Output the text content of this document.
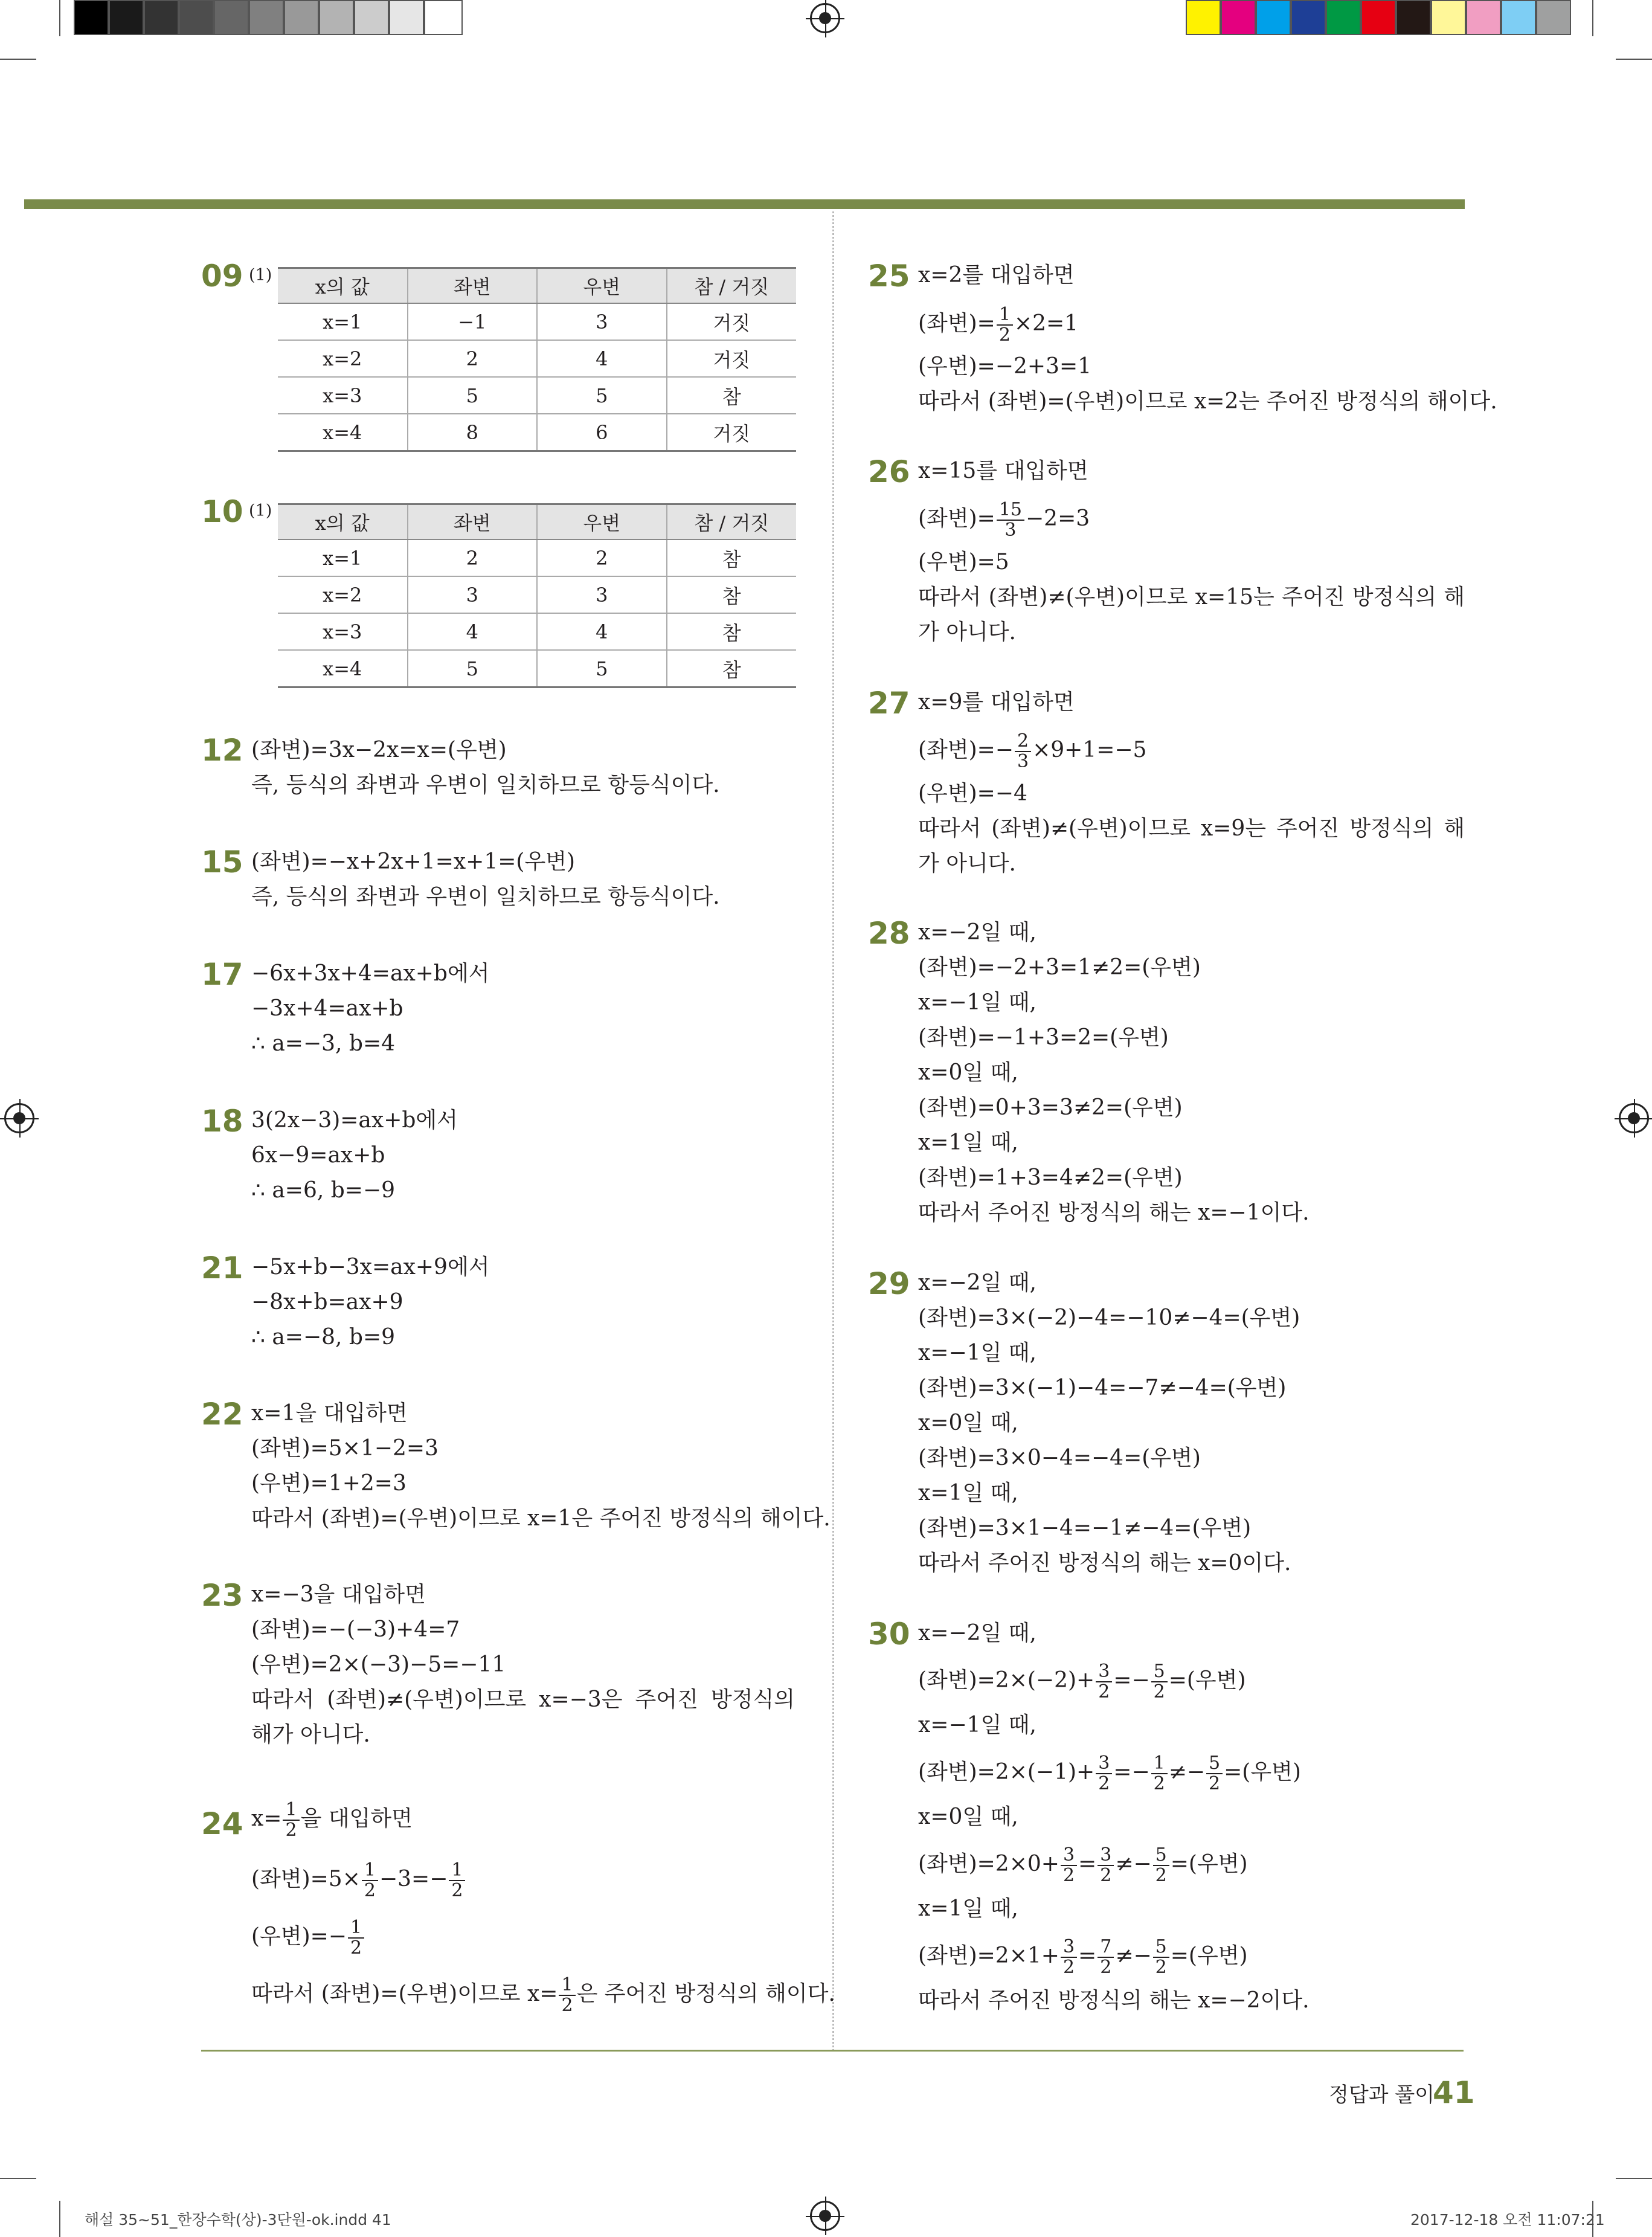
09 (1)
x의 값	좌변	우변	참 / 거짓
x=1	−1	3	거짓
x=2	2	4	거짓
x=3	5	5	참
x=4	8	6	거짓
10 (1)
x의 값	좌변	우변	참 / 거짓
x=1	2	2	참
x=2	3	3	참
x=3	4	4	참
x=4	5	5	참
12 (좌변)=3x−2x=x=(우변)
즉, 등식의 좌변과 우변이 일치하므로 항등식이다.
15 (좌변)=−x+2x+1=x+1=(우변)
즉, 등식의 좌변과 우변이 일치하므로 항등식이다.
17 −6x+3x+4=ax+b에서
−3x+4=ax+b
∴ a=−3, b=4
18 3(2x−3)=ax+b에서
6x−9=ax+b
∴ a=6, b=−9
21 −5x+b−3x=ax+9에서
−8x+b=ax+9
∴ a=−8, b=9
22 x=1을 대입하면
(좌변)=5×1−2=3
(우변)=1+2=3
따라서 (좌변)=(우변)이므로 x=1은 주어진 방정식의 해이다.
23 x=−3을 대입하면
(좌변)=−(−3)+4=7
(우변)=2×(−3)−5=−11
따라서 (좌변)≠(우변)이므로 x=−3은 주어진 방정식의 해가 아니다.
24 $x= \frac{1}{2}$ 을 대입하면
(좌변)$=5\times \frac{1}{2} -3=- \frac{1}{2}$
(우변)=− $\frac{1}{2}$
따라서 (좌변)=(우변)이므로 $x= \frac{1}{2}$ 은 주어진 방정식의 해이다.
25 x=2를 대입하면
(좌변)= $\frac{1}{2} \times 2=1$
(우변)=−2+3=1
따라서 (좌변)=(우변)이므로 x=2는 주어진 방정식의 해이다.
26 x=15를 대입하면
(좌변)= $\frac{15}{3} -2=3$
(우변)=5
따라서 (좌변)≠(우변)이므로 x=15는 주어진 방정식의 해가 아니다.
27 x=9를 대입하면
(좌변)=− $\frac{2}{3} \times 9+1=-5$
(우변)=−4
따라서 (좌변)≠(우변)이므로 x=9는 주어진 방정식의 해가 아니다.
28 x=−2일 때,
(좌변)=−2+3=1≠2=(우변)
x=−1일 때,
(좌변)=−1+3=2=(우변)
x=0일 때,
(좌변)=0+3=3≠2=(우변)
x=1일 때,
(좌변)=1+3=4≠2=(우변)
따라서 주어진 방정식의 해는 x=−1이다.
29 x=−2일 때,
(좌변)=3×(−2)−4=−10≠−4=(우변)
x=−1일 때,
(좌변)=3×(−1)−4=−7≠−4=(우변)
x=0일 때,
(좌변)=3×0−4=−4=(우변)
x=1일 때,
(좌변)=3×1−4=−1≠−4=(우변)
따라서 주어진 방정식의 해는 x=0이다.
30 x=−2일 때,
(좌변)$=2\times(-2)+ \frac{3}{2} =- \frac{5}{2}$ =(우변)
x=−1일 때,
(좌변)$=2\times(-1)+ \frac{3}{2} =- \frac{1}{2} \ne- \frac{5}{2}$ =(우변)
x=0일 때,
(좌변)$=2\times 0+ \frac{3}{2} = \frac{3}{2} \ne- \frac{5}{2}$ =(우변)
x=1일 때,
(좌변)$=2\times 1+ \frac{3}{2} = \frac{7}{2} \ne- \frac{5}{2}$ =(우변)
따라서 주어진 방정식의 해는 x=−2이다.
정답과 풀이
41
해설 35~51_한장수학(상)-3단원-ok.indd 41	2017-12-18 오전 11:07:21
